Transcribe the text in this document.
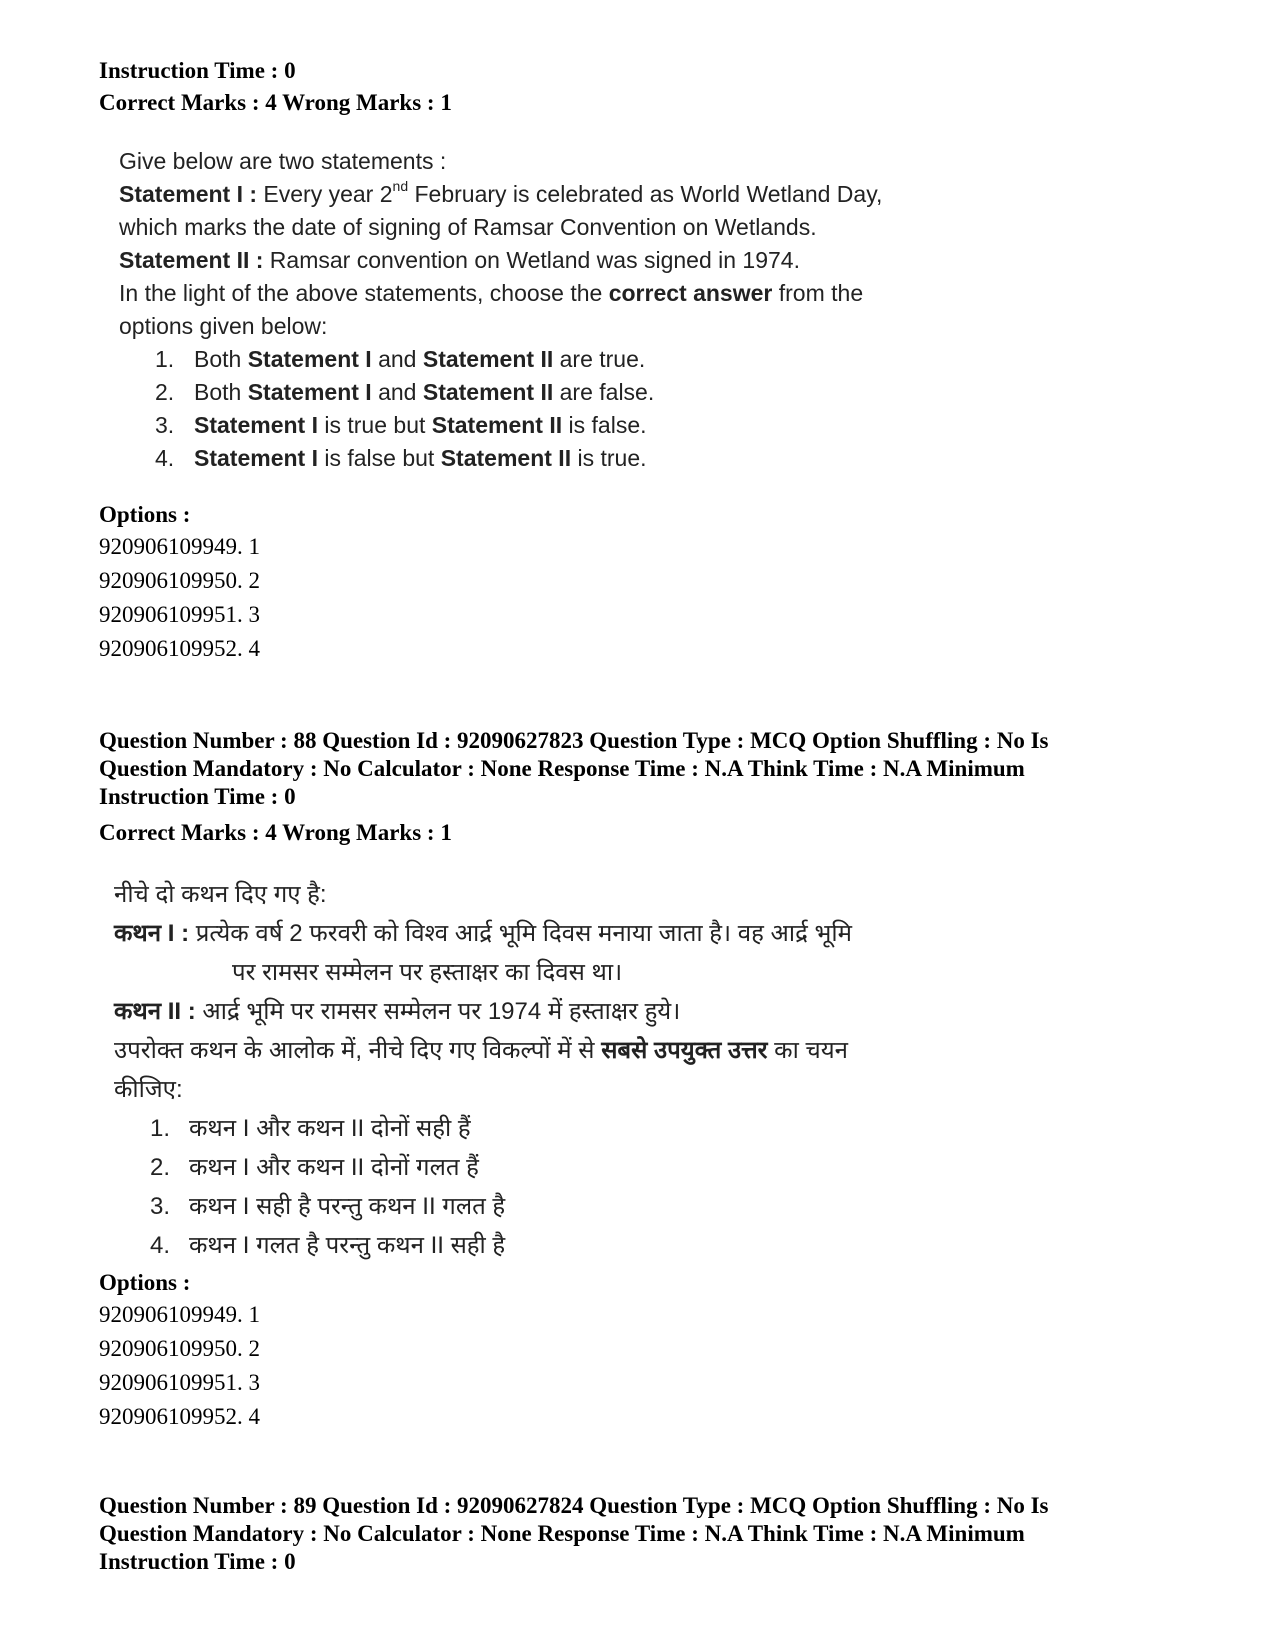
Instruction Time : 0
Correct Marks : 4 Wrong Marks : 1

Give below are two statements :

Statement I : Every year 2nd February is celebrated as World Wetland Day,

which marks the date of signing of Ramsar Convention on Wetlands.

Statement II : Ramsar convention on Wetland was signed in 1974.

In the light of the above statements, choose the correct answer from the

options given below:

1. Both Statement I and Statement II are true.
2. Both Statement I and Statement II are false.
3. Statement I is true but Statement II is false.
4. Statement I is false but Statement II is true.
Options :
920906109949. 1
920906109950. 2
920906109951. 3
920906109952. 4
Question Number : 88 Question Id : 92090627823 Question Type : MCQ Option Shuffling : No Is
Question Mandatory : No Calculator : None Response Time : N.A Think Time : N.A Minimum
Instruction Time : 0
Correct Marks : 4 Wrong Marks : 1

नीचे दो कथन दिए गए है:

कथन I : प्रत्येक वर्ष 2 फरवरी को विश्व आर्द्र भूमि दिवस मनाया जाता है। वह आर्द्र भूमि

पर रामसर सम्मेलन पर हस्ताक्षर का दिवस था।

कथन II : आर्द्र भूमि पर रामसर सम्मेलन पर 1974 में हस्ताक्षर हुये।

उपरोक्त कथन के आलोक में, नीचे दिए गए विकल्पों में से सबसे उपयुक्त उत्तर का चयन

कीजिए:

1. कथन I और कथन II दोनों सही हैं
2. कथन I और कथन II दोनों गलत हैं
3. कथन I सही है परन्तु कथन II गलत है
4. कथन I गलत है परन्तु कथन II सही है
Options :
920906109949. 1
920906109950. 2
920906109951. 3
920906109952. 4
Question Number : 89 Question Id : 92090627824 Question Type : MCQ Option Shuffling : No Is
Question Mandatory : No Calculator : None Response Time : N.A Think Time : N.A Minimum
Instruction Time : 0
